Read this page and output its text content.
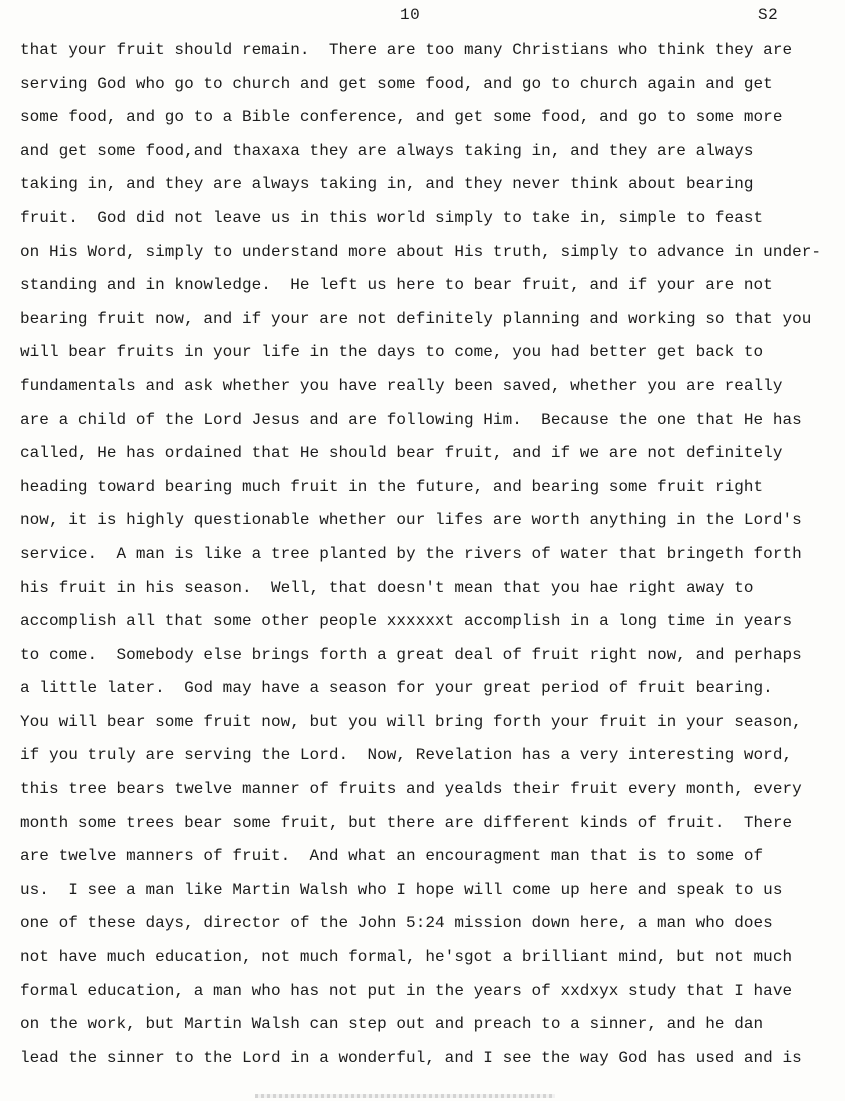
10	S2
that your fruit should remain.  There are too many Christians who think they are
serving God who go to church and get some food, and go to church again and get
some food, and go to a Bible conference, and get some food, and go to some more
and get some food,and thaxaxa they are always taking in, and they are always
taking in, and they are always taking in, and they never think about bearing
fruit.  God did not leave us in this world simply to take in, simple to feast
on His Word, simply to understand more about His truth, simply to advance in under-
standing and in knowledge.  He left us here to bear fruit, and if your are not
bearing fruit now, and if your are not definitely planning and working so that you
will bear fruits in your life in the days to come, you had better get back to
fundamentals and ask whether you have really been saved, whether you are really
are a child of the Lord Jesus and are following Him.  Because the one that He has
called, He has ordained that He should bear fruit, and if we are not definitely
heading toward bearing much fruit in the future, and bearing some fruit right
now, it is highly questionable whether our lifes are worth anything in the Lord's
service.  A man is like a tree planted by the rivers of water that bringeth forth
his fruit in his season.  Well, that doesn't mean that you hae right away to
accomplish all that some other people xxxxxxt accomplish in a long time in years
to come.  Somebody else brings forth a great deal of fruit right now, and perhaps
a little later.  God may have a season for your great period of fruit bearing.
You will bear some fruit now, but you will bring forth your fruit in your season,
if you truly are serving the Lord.  Now, Revelation has a very interesting word,
this tree bears twelve manner of fruits and yealds their fruit every month, every
month some trees bear some fruit, but there are different kinds of fruit.  There
are twelve manners of fruit.  And what an encouragment man that is to some of
us.  I see a man like Martin Walsh who I hope will come up here and speak to us
one of these days, director of the John 5:24 mission down here, a man who does
not have much education, not much formal, he'sgot a brilliant mind, but not much
formal education, a man who has not put in the years of xxdxyx study that I have
on the work, but Martin Walsh can step out and preach to a sinner, and he dan
lead the sinner to the Lord in a wonderful, and I see the way God has used and is
